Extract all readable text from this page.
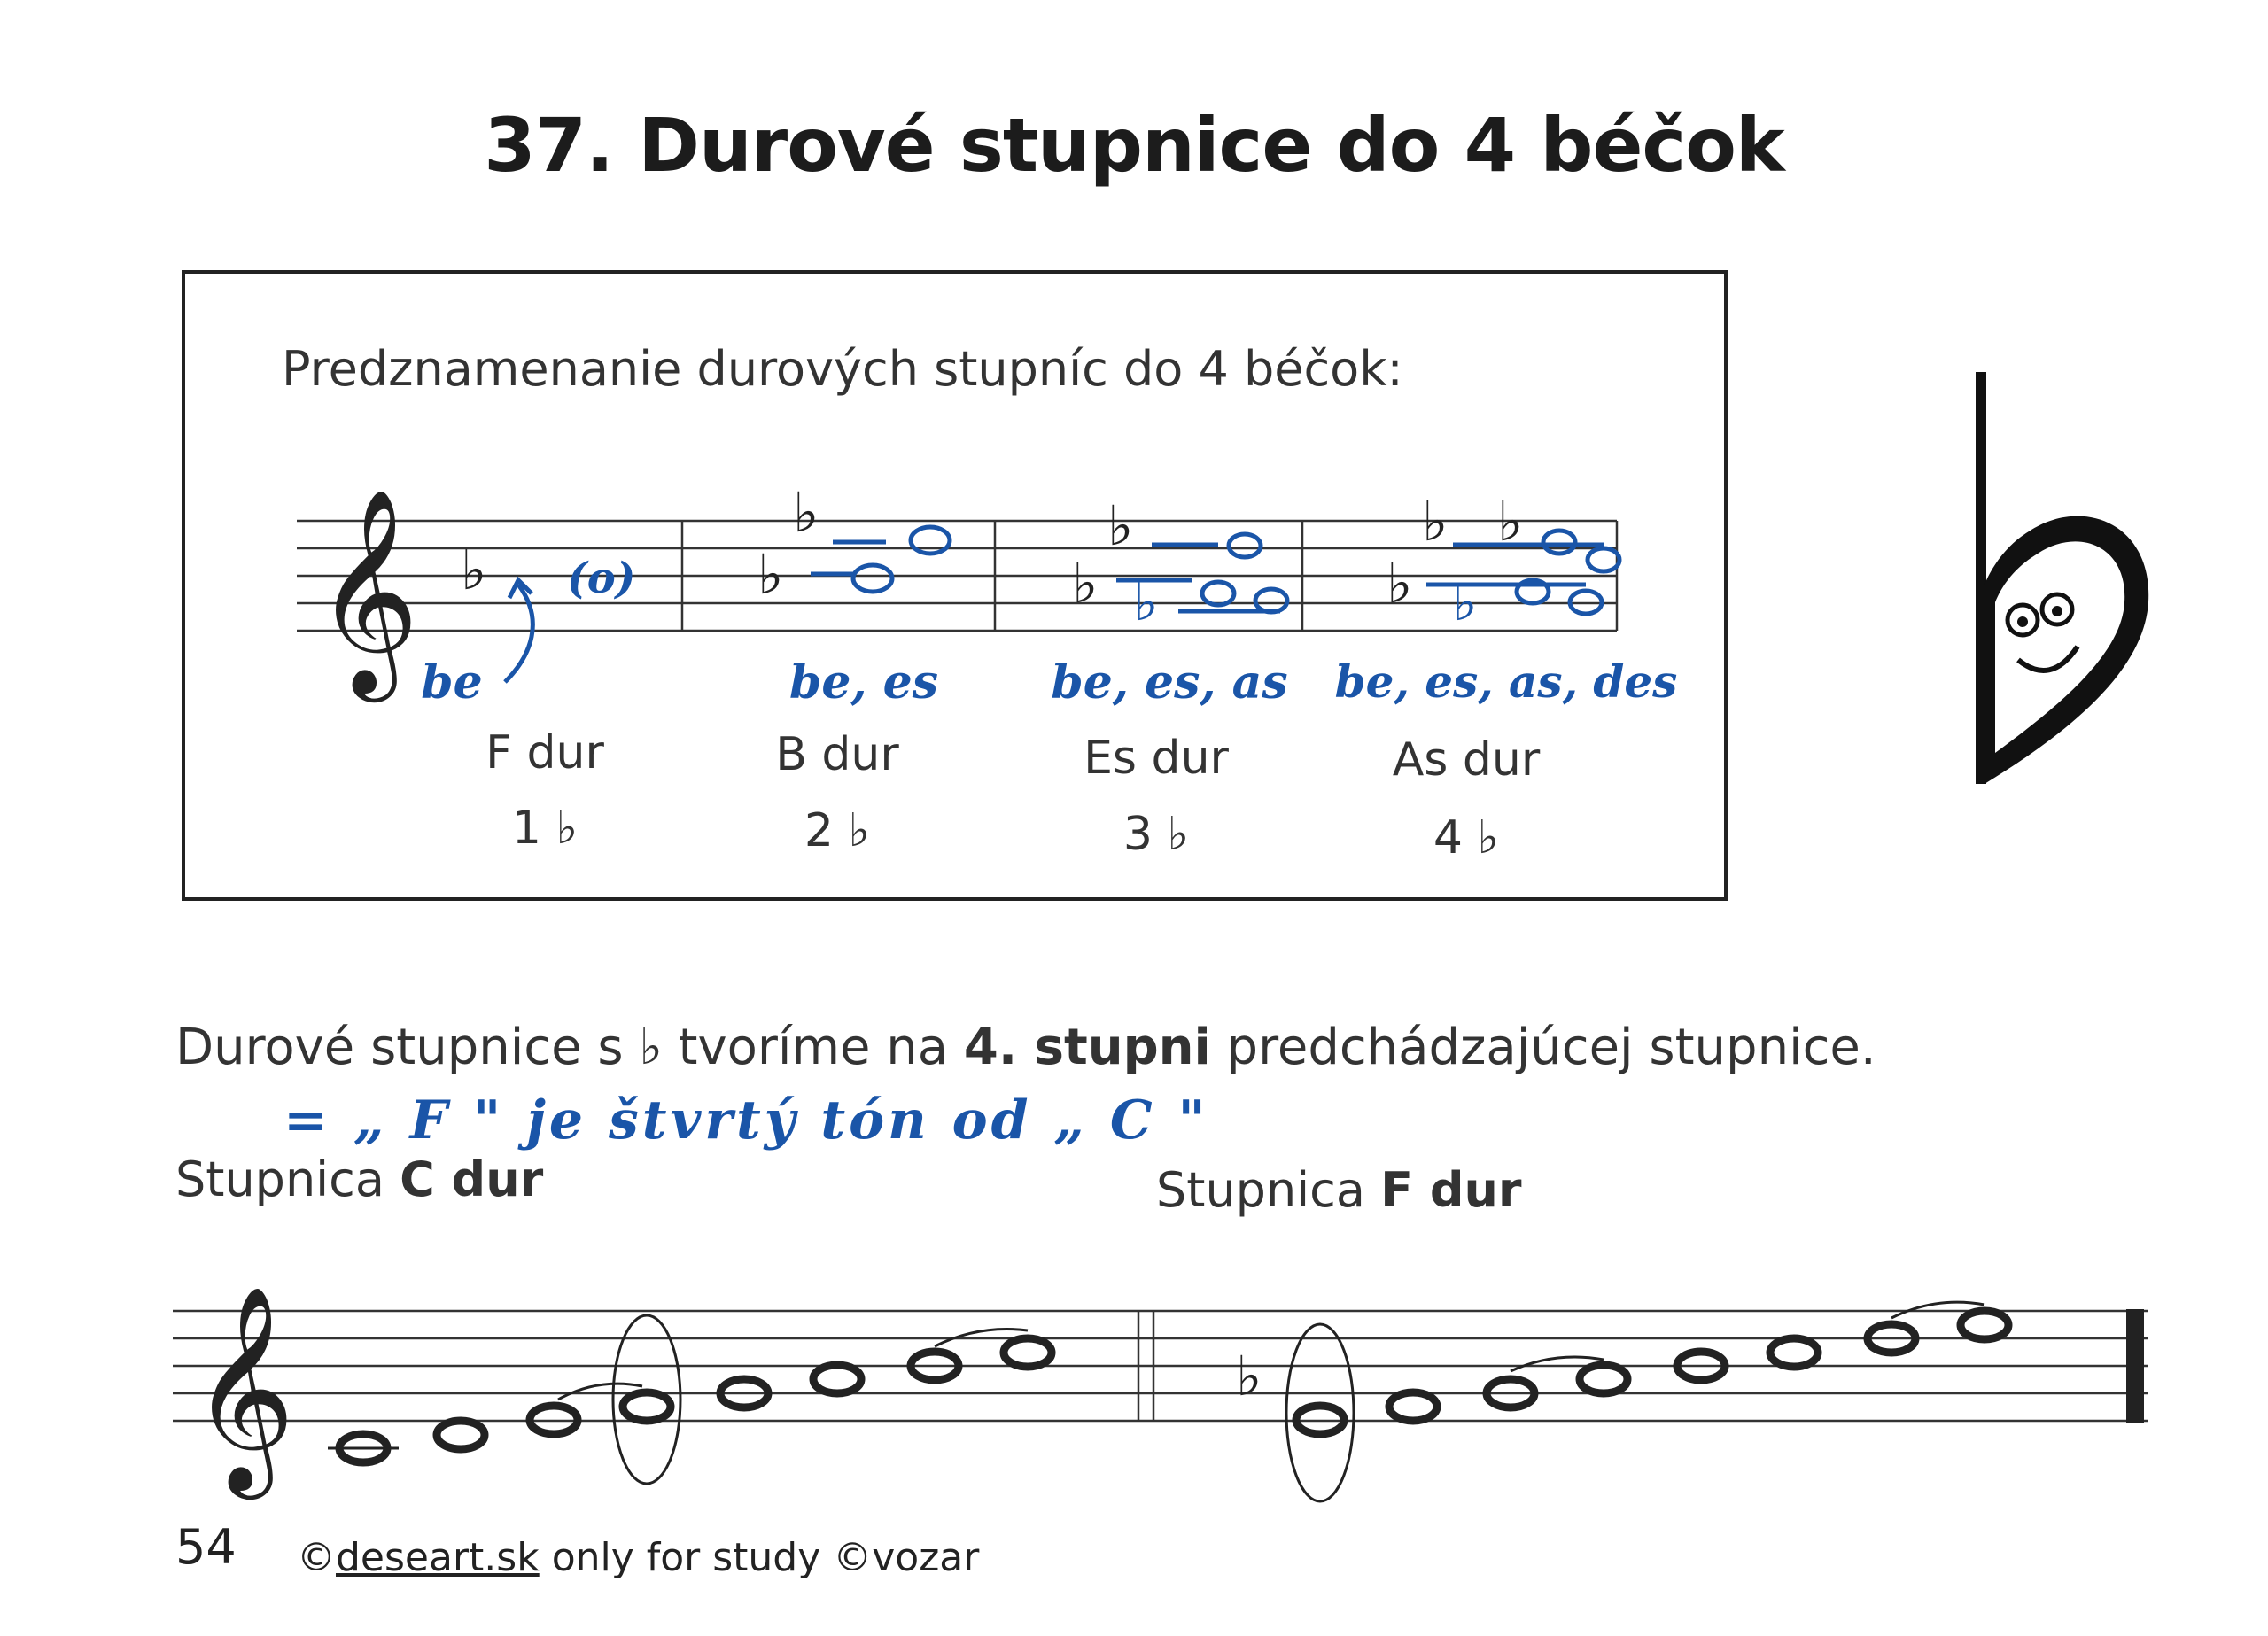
37. Durové stupnice do 4 béčok
Predznamenanie durových stupníc do 4 béčok:
𝄞 ♭
♭
♭
♭
♭
♭
♭
♭
♭	♭
𝄞	♭
(o)
be	be, es	be, es, as	be, es, as, des
F dur	B dur	Es dur	As dur
1 ♭	2 ♭	3 ♭	4 ♭
Durové stupnice s ♭ tvoríme na 4. stupni predchádzajúcej stupnice.
= „ F " je štvrtý tón od „ C "
Stupnica C dur	Stupnica F dur
54 ©deseart.sk only for study ©vozar
